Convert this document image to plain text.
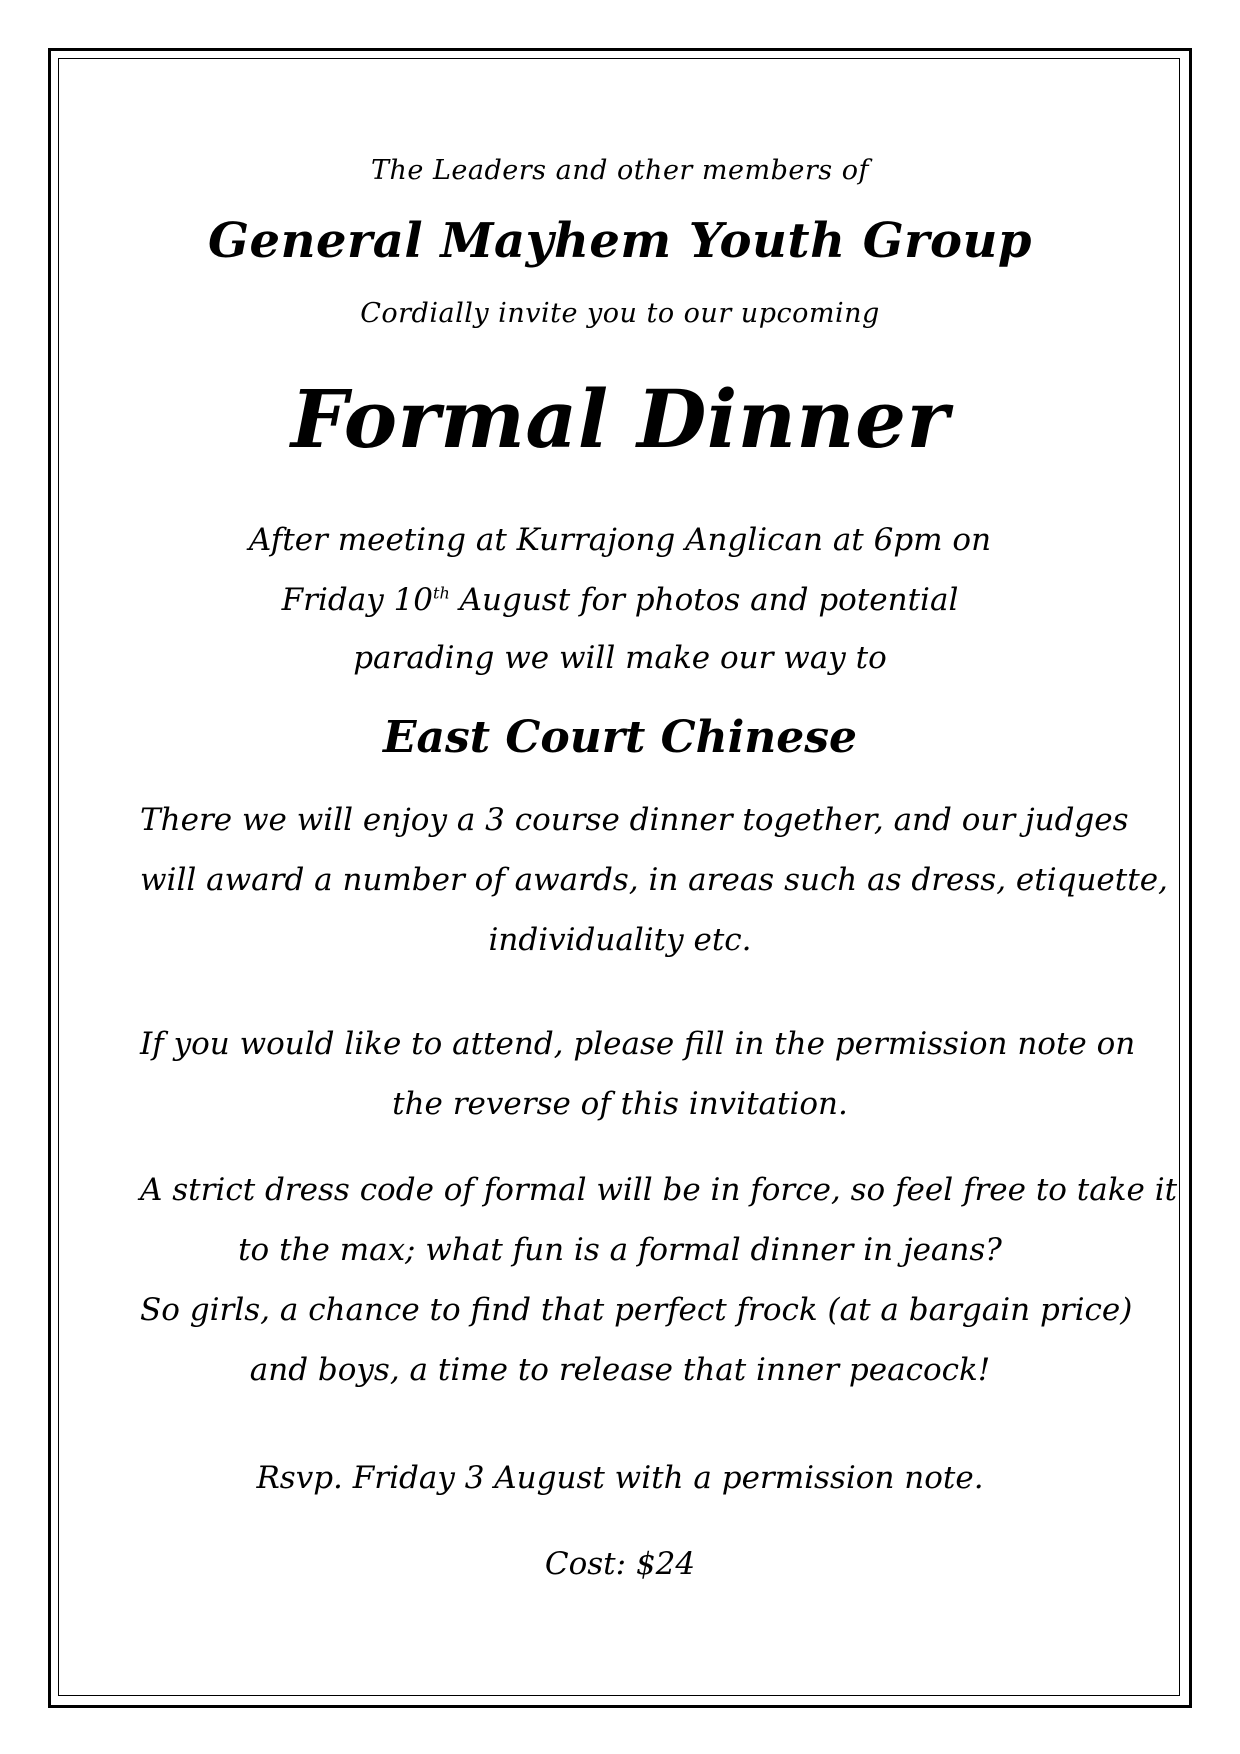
The Leaders and other members of
General Mayhem Youth Group
Cordially invite you to our upcoming
Formal Dinner
After meeting at Kurrajong Anglican at 6pm on
Friday 10th August for photos and potential
parading we will make our way to
East Court Chinese
There we will enjoy a 3 course dinner together, and our judges
will award a number of awards, in areas such as dress, etiquette,
individuality etc.
If you would like to attend, please fill in the permission note on
the reverse of this invitation.
A strict dress code of formal will be in force, so feel free to take it
to the max; what fun is a formal dinner in jeans?
So girls, a chance to find that perfect frock (at a bargain price)
and boys, a time to release that inner peacock!
Rsvp. Friday 3 August with a permission note.
Cost: $24
